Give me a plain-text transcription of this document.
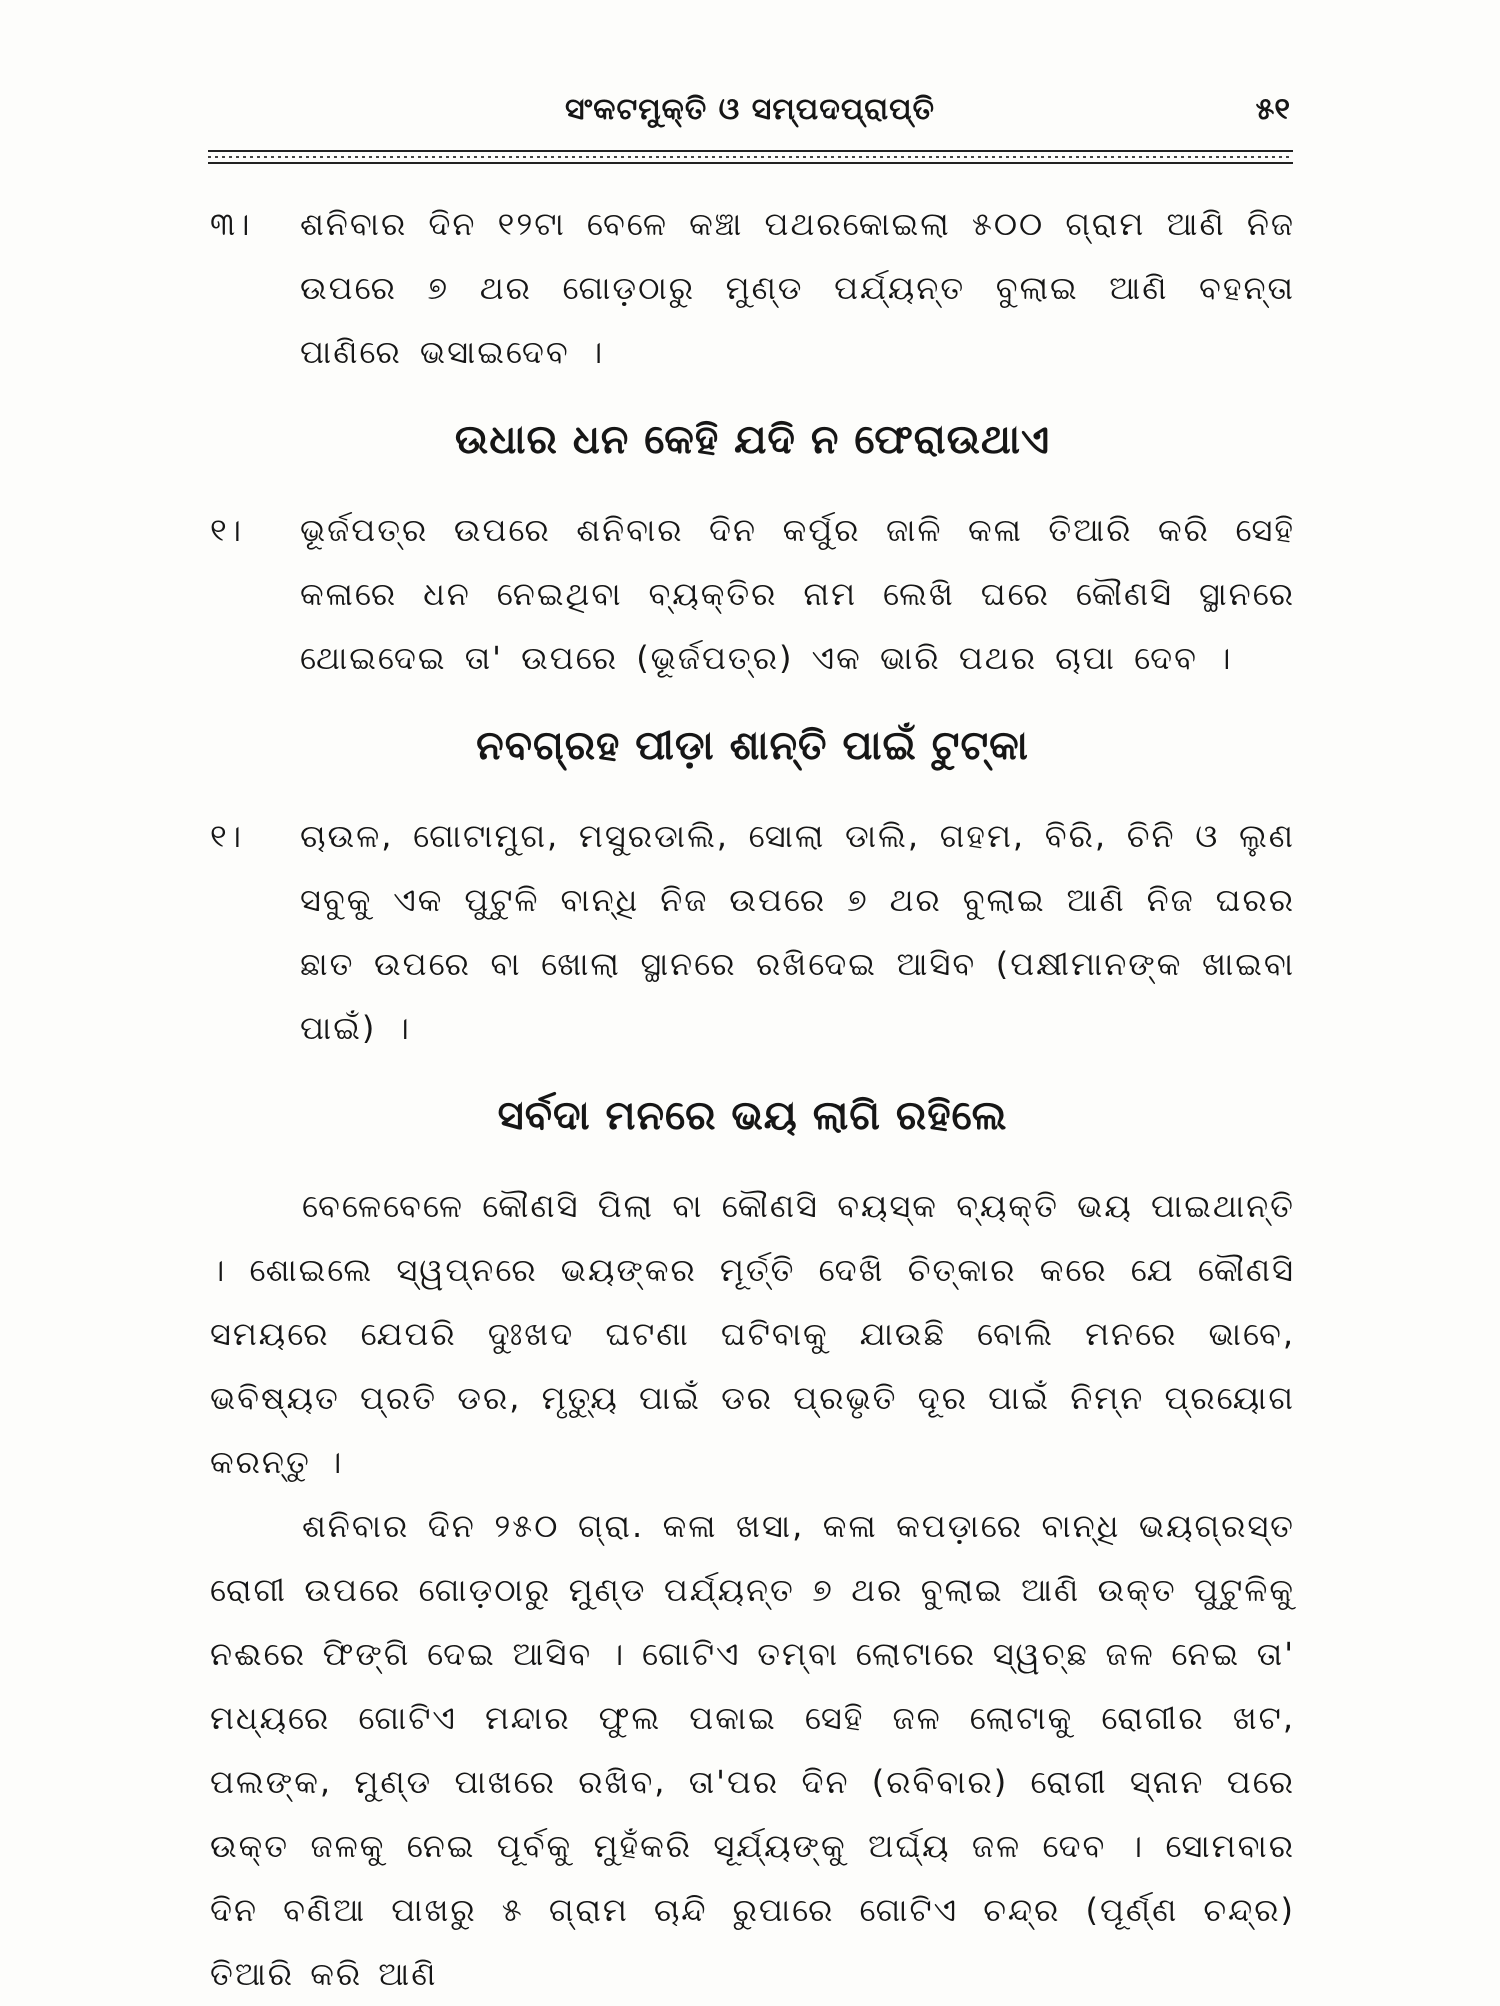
ସଂକଟମୁକ୍ତି ଓ ସମ୍ପଦପ୍ରାପ୍ତି	୫୧
୩।	ଶନିବାର ଦିନ ୧୨ଟା ବେଳେ କଞ୍ଚା ପଥରକୋଇଲା ୫୦୦ ଗ୍ରାମ ଆଣି ନିଜ ଉପରେ ୭ ଥର ଗୋଡ଼ଠାରୁ ମୁଣ୍ଡ ପର୍ଯ୍ୟନ୍ତ ବୁଲାଇ ଆଣି ବହନ୍ତା ପାଣିରେ ଭସାଇଦେବ ।
ଉଧାର ଧନ କେହି ଯଦି ନ ଫେରାଉଥାଏ
୧।	ଭୂର୍ଜପତ୍ର ଉପରେ ଶନିବାର ଦିନ କର୍ପୁର ଜାଳି କଳା ତିଆରି କରି ସେହି କଳାରେ ଧନ ନେଇଥିବା ବ୍ୟକ୍ତିର ନାମ ଲେଖି ଘରେ କୌଣସି ସ୍ଥାନରେ ଥୋଇଦେଇ ତା' ଉପରେ (ଭୂର୍ଜପତ୍ର) ଏକ ଭାରି ପଥର ଚାପା ଦେବ ।
ନବଗ୍ରହ ପୀଡ଼ା ଶାନ୍ତି ପାଇଁ ଟୁଟ୍‌କା
୧।	ଚାଉଳ, ଗୋଟାମୁଗ, ମସୁରଡାଲି, ସୋଲା ଡାଲି, ଗହମ, ବିରି, ଚିନି ଓ ଲୁଣ ସବୁକୁ ଏକ ପୁଟୁଳି ବାନ୍ଧି ନିଜ ଉପରେ ୭ ଥର ବୁଲାଇ ଆଣି ନିଜ ଘରର ଛାତ ଉପରେ ବା ଖୋଲା ସ୍ଥାନରେ ରଖିଦେଇ ଆସିବ (ପକ୍ଷୀମାନଙ୍କ ଖାଇବା ପାଇଁ) ।
ସର୍ବଦା ମନରେ ଭୟ ଲାଗି ରହିଲେ

ବେଳେବେଳେ କୌଣସି ପିଲା ବା କୌଣସି ବୟସ୍କ ବ୍ୟକ୍ତି ଭୟ ପାଇଥାନ୍ତି । ଶୋଇଲେ ସ୍ୱପ୍ନରେ ଭୟଙ୍କର ମୂର୍ତ୍ତି ଦେଖି ଚିତ୍କାର କରେ ଯେ କୌଣସି ସମୟରେ ଯେପରି ଦୁଃଖଦ ଘଟଣା ଘଟିବାକୁ ଯାଉଛି ବୋଲି ମନରେ ଭାବେ, ଭବିଷ୍ୟତ ପ୍ରତି ଡର, ମୃତ୍ୟୁ ପାଇଁ ଡର ପ୍ରଭୃତି ଦୂର ପାଇଁ ନିମ୍ନ ପ୍ରୟୋଗ କରନ୍ତୁ ।

ଶନିବାର ଦିନ ୨୫୦ ଗ୍ରା. କଳା ଖସା, କଳା କପଡ଼ାରେ ବାନ୍ଧି ଭୟଗ୍ରସ୍ତ ରୋଗୀ ଉପରେ ଗୋଡ଼ଠାରୁ ମୁଣ୍ଡ ପର୍ଯ୍ୟନ୍ତ ୭ ଥର ବୁଲାଇ ଆଣି ଉକ୍ତ ପୁଟୁଳିକୁ ନଈରେ ଫିଙ୍ଗି ଦେଇ ଆସିବ । ଗୋଟିଏ ତମ୍ବା ଲୋଟାରେ ସ୍ୱଚ୍ଛ ଜଳ ନେଇ ତା' ମଧ୍ୟରେ ଗୋଟିଏ ମନ୍ଦାର ଫୁଲ ପକାଇ ସେହି ଜଳ ଲୋଟାକୁ ରୋଗୀର ଖଟ, ପଲଙ୍କ, ମୁଣ୍ଡ ପାଖରେ ରଖିବ, ତା'ପର ଦିନ (ରବିବାର) ରୋଗୀ ସ୍ନାନ ପରେ ଉକ୍ତ ଜଳକୁ ନେଇ ପୂର୍ବକୁ ମୁହଁକରି ସୂର୍ଯ୍ୟଙ୍କୁ ଅର୍ଘ୍ୟ ଜଳ ଦେବ । ସୋମବାର ଦିନ ବଣିଆ ପାଖରୁ ୫ ଗ୍ରାମ ଚାନ୍ଦି ରୁପାରେ ଗୋଟିଏ ଚନ୍ଦ୍ର (ପୂର୍ଣ୍ଣ ଚନ୍ଦ୍ର) ତିଆରି କରି ଆଣି
